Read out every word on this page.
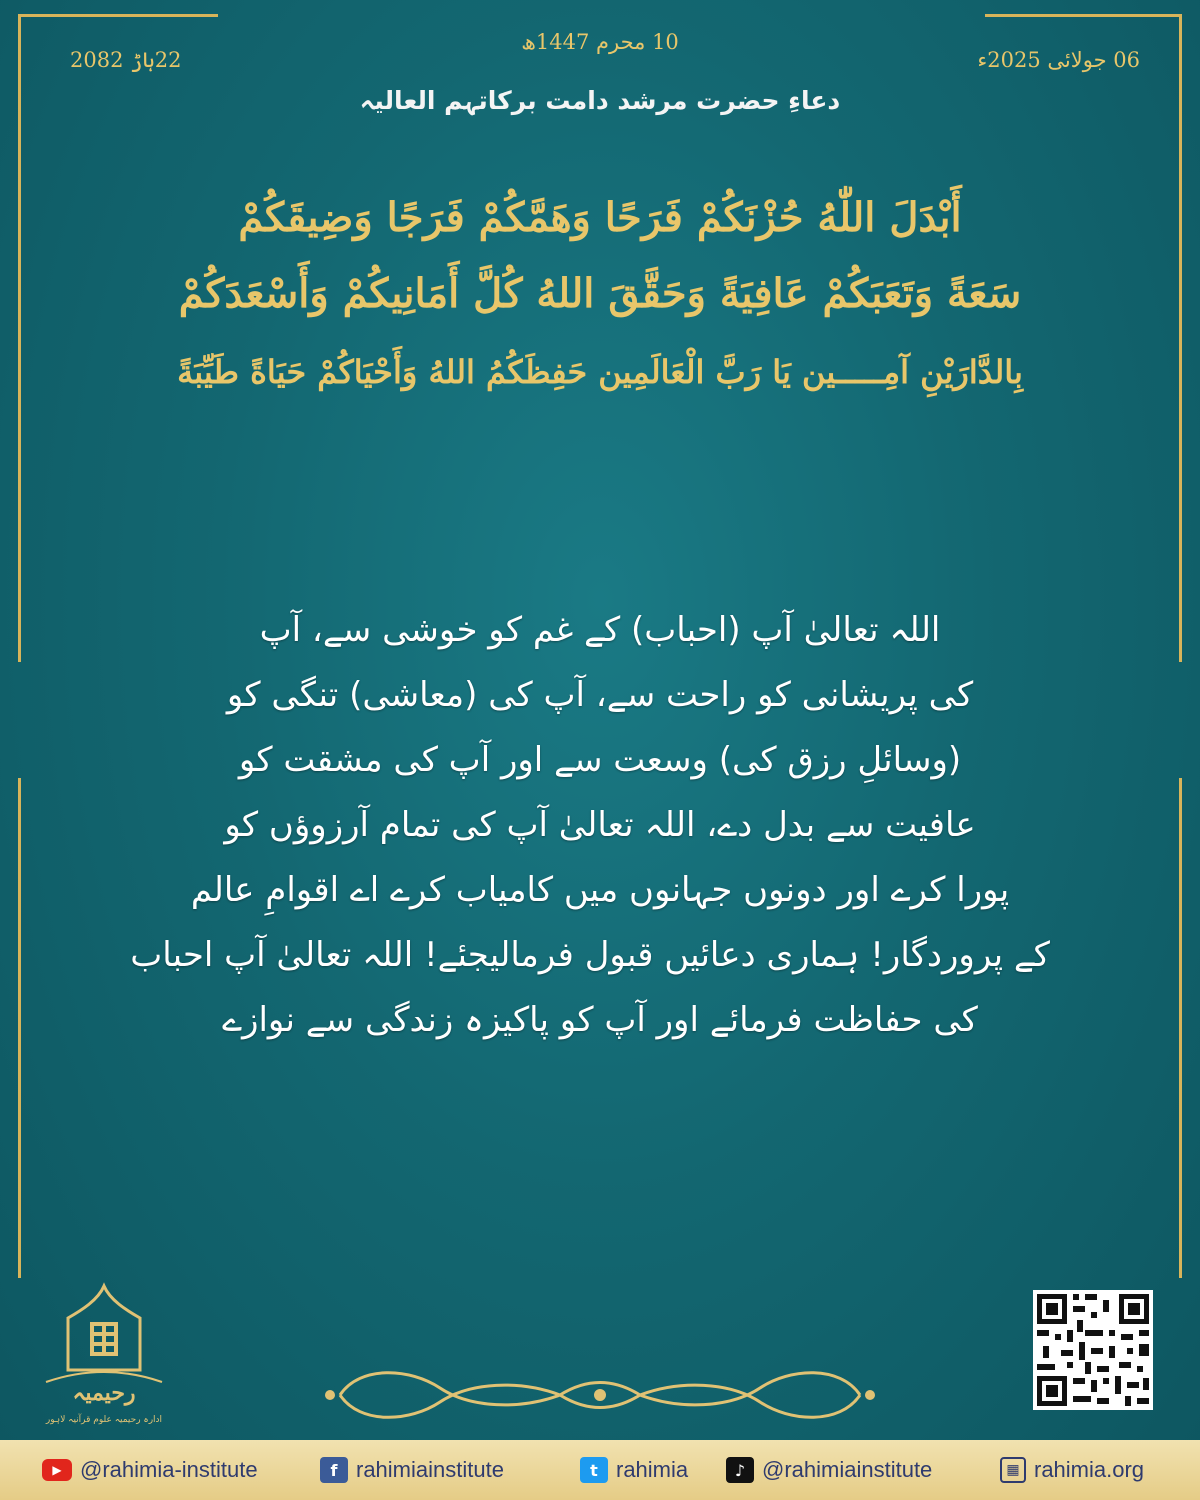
10 محرم 1447ھ
06 جولائی 2025ء
22ہاڑ 2082
دعاءِ حضرت مرشد دامت برکاتہم العالیہ
أَبْدَلَ اللّٰهُ حُزْنَكُمْ فَرَحًا وَهَمَّكُمْ فَرَجًا وَضِيقَكُمْ
سَعَةً وَتَعَبَكُمْ عَافِيَةً وَحَقَّقَ اللهُ كُلَّ أَمَانِيكُمْ وَأَسْعَدَكُمْ
بِالدَّارَيْنِ آمِـــــين يَا رَبَّ الْعَالَمِين حَفِظَكُمُ اللهُ وَأَحْيَاكُمْ حَيَاةً طَيِّبَةً
اللہ تعالیٰ آپ (احباب) کے غم کو خوشی سے، آپ
کی پریشانی کو راحت سے، آپ کی (معاشی) تنگی کو
(وسائلِ رزق کی) وسعت سے اور آپ کی مشقت کو
عافیت سے بدل دے، اللہ تعالیٰ آپ کی تمام آرزوؤں کو
پورا کرے اور دونوں جہانوں میں کامیاب کرے اے اقوامِ عالم
کے پروردگار! ہماری دعائیں قبول فرمالیجئے! اللہ تعالیٰ آپ احباب
کی حفاظت فرمائے اور آپ کو پاکیزہ زندگی سے نوازے
رحیمیہ
ادارہ رحیمیہ علوم قرآنیہ لاہور
▶ @rahimia-institute	f rahimiainstitute	t rahimia	♪ @rahimiainstitute	▦ rahimia.org
